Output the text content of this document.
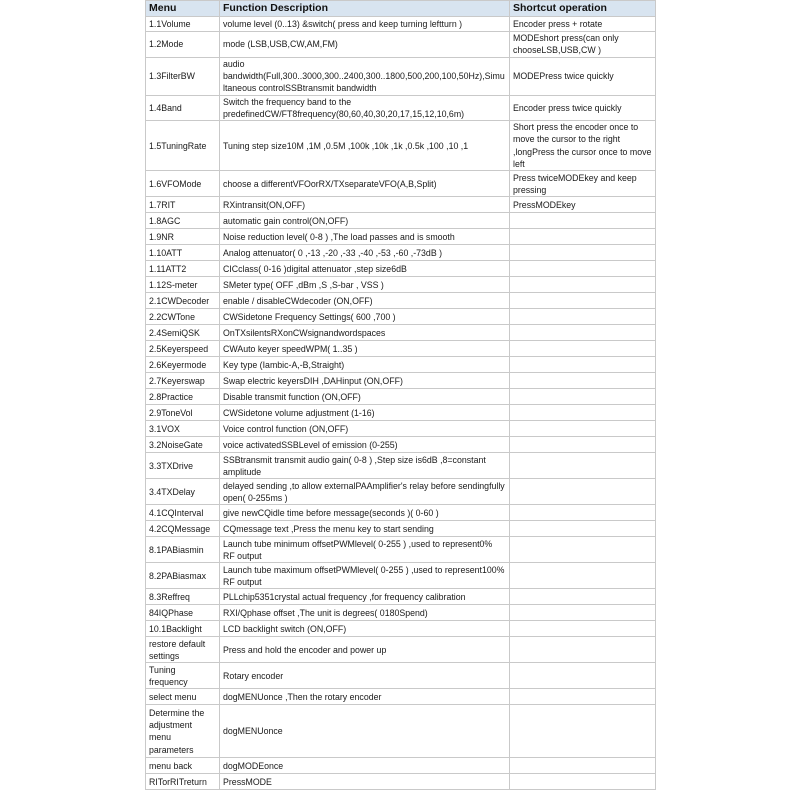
Menu	Function Description	Shortcut operation
1.1Volume	volume level (0..13) &switch( press and keep turning leftturn )	Encoder press + rotate
1.2Mode	mode (LSB,USB,CW,AM,FM)	MODEshort press(can only chooseLSB,USB,CW )
1.3FilterBW	audio bandwidth(Full,300..3000,300..2400,300..1800,500,200,100,50Hz),Simultaneous controlSSBtransmit bandwidth	MODEPress twice quickly
1.4Band	Switch the frequency band to the predefinedCW/FT8frequency(80,60,40,30,20,17,15,12,10,6m)	Encoder press twice quickly
1.5TuningRate	Tuning step size10M ,1M ,0.5M ,100k ,10k ,1k ,0.5k ,100 ,10 ,1	Short press the encoder once to move the cursor to the right ,longPress the cursor once to move left
1.6VFOMode	choose a differentVFOorRX/TXseparateVFO(A,B,Split)	Press twiceMODEkey and keep pressing
1.7RIT	RXintransit(ON,OFF)	PressMODEkey
1.8AGC	automatic gain control(ON,OFF)	
1.9NR	Noise reduction level( 0-8 ) ,The load passes and is smooth	
1.10ATT	Analog attenuator( 0 ,-13 ,-20 ,-33 ,-40 ,-53 ,-60 ,-73dB )	
1.11ATT2	CICclass( 0-16 )digital attenuator ,step size6dB	
1.12S-meter	SMeter type( OFF ,dBm ,S ,S-bar , VSS )	
2.1CWDecoder	enable / disableCWdecoder (ON,OFF)	
2.2CWTone	CWSidetone Frequency Settings( 600 ,700 )	
2.4SemiQSK	OnTXsilentsRXonCWsignandwordspaces	
2.5Keyerspeed	CWAuto keyer speedWPM( 1..35 )	
2.6Keyermode	Key type (Iambic-A,-B,Straight)	
2.7Keyerswap	Swap electric keyersDIH ,DAHinput (ON,OFF)	
2.8Practice	Disable transmit function (ON,OFF)	
2.9ToneVol	CWSidetone volume adjustment (1-16)	
3.1VOX	Voice control function (ON,OFF)	
3.2NoiseGate	voice activatedSSBLevel of emission (0-255)	
3.3TXDrive	SSBtransmit transmit audio gain( 0-8 ) ,Step size is6dB ,8=constant amplitude	
3.4TXDelay	delayed sending ,to allow externalPAAmplifier's relay before sendingfully open( 0-255ms )	
4.1CQInterval	give newCQidle time before message(seconds )( 0-60 )	
4.2CQMessage	CQmessage text ,Press the menu key to start sending	
8.1PABiasmin	Launch tube minimum offsetPWMlevel( 0-255 ) ,used to represent0% RF output	
8.2PABiasmax	Launch tube maximum offsetPWMlevel( 0-255 ) ,used to represent100% RF output	
8.3Reffreq	PLLchip5351crystal actual frequency ,for frequency calibration	
84IQPhase	RXI/Qphase offset ,The unit is degrees( 0180Spend)	
10.1Backlight	LCD backlight switch (ON,OFF)	
restore default settings	Press and hold the encoder and power up	
Tuning frequency	Rotary encoder	
select menu	dogMENUonce ,Then the rotary encoder	
Determine the adjustment menu parameters	dogMENUonce	
menu back	dogMODEonce	
RITorRITreturn	PressMODE	
